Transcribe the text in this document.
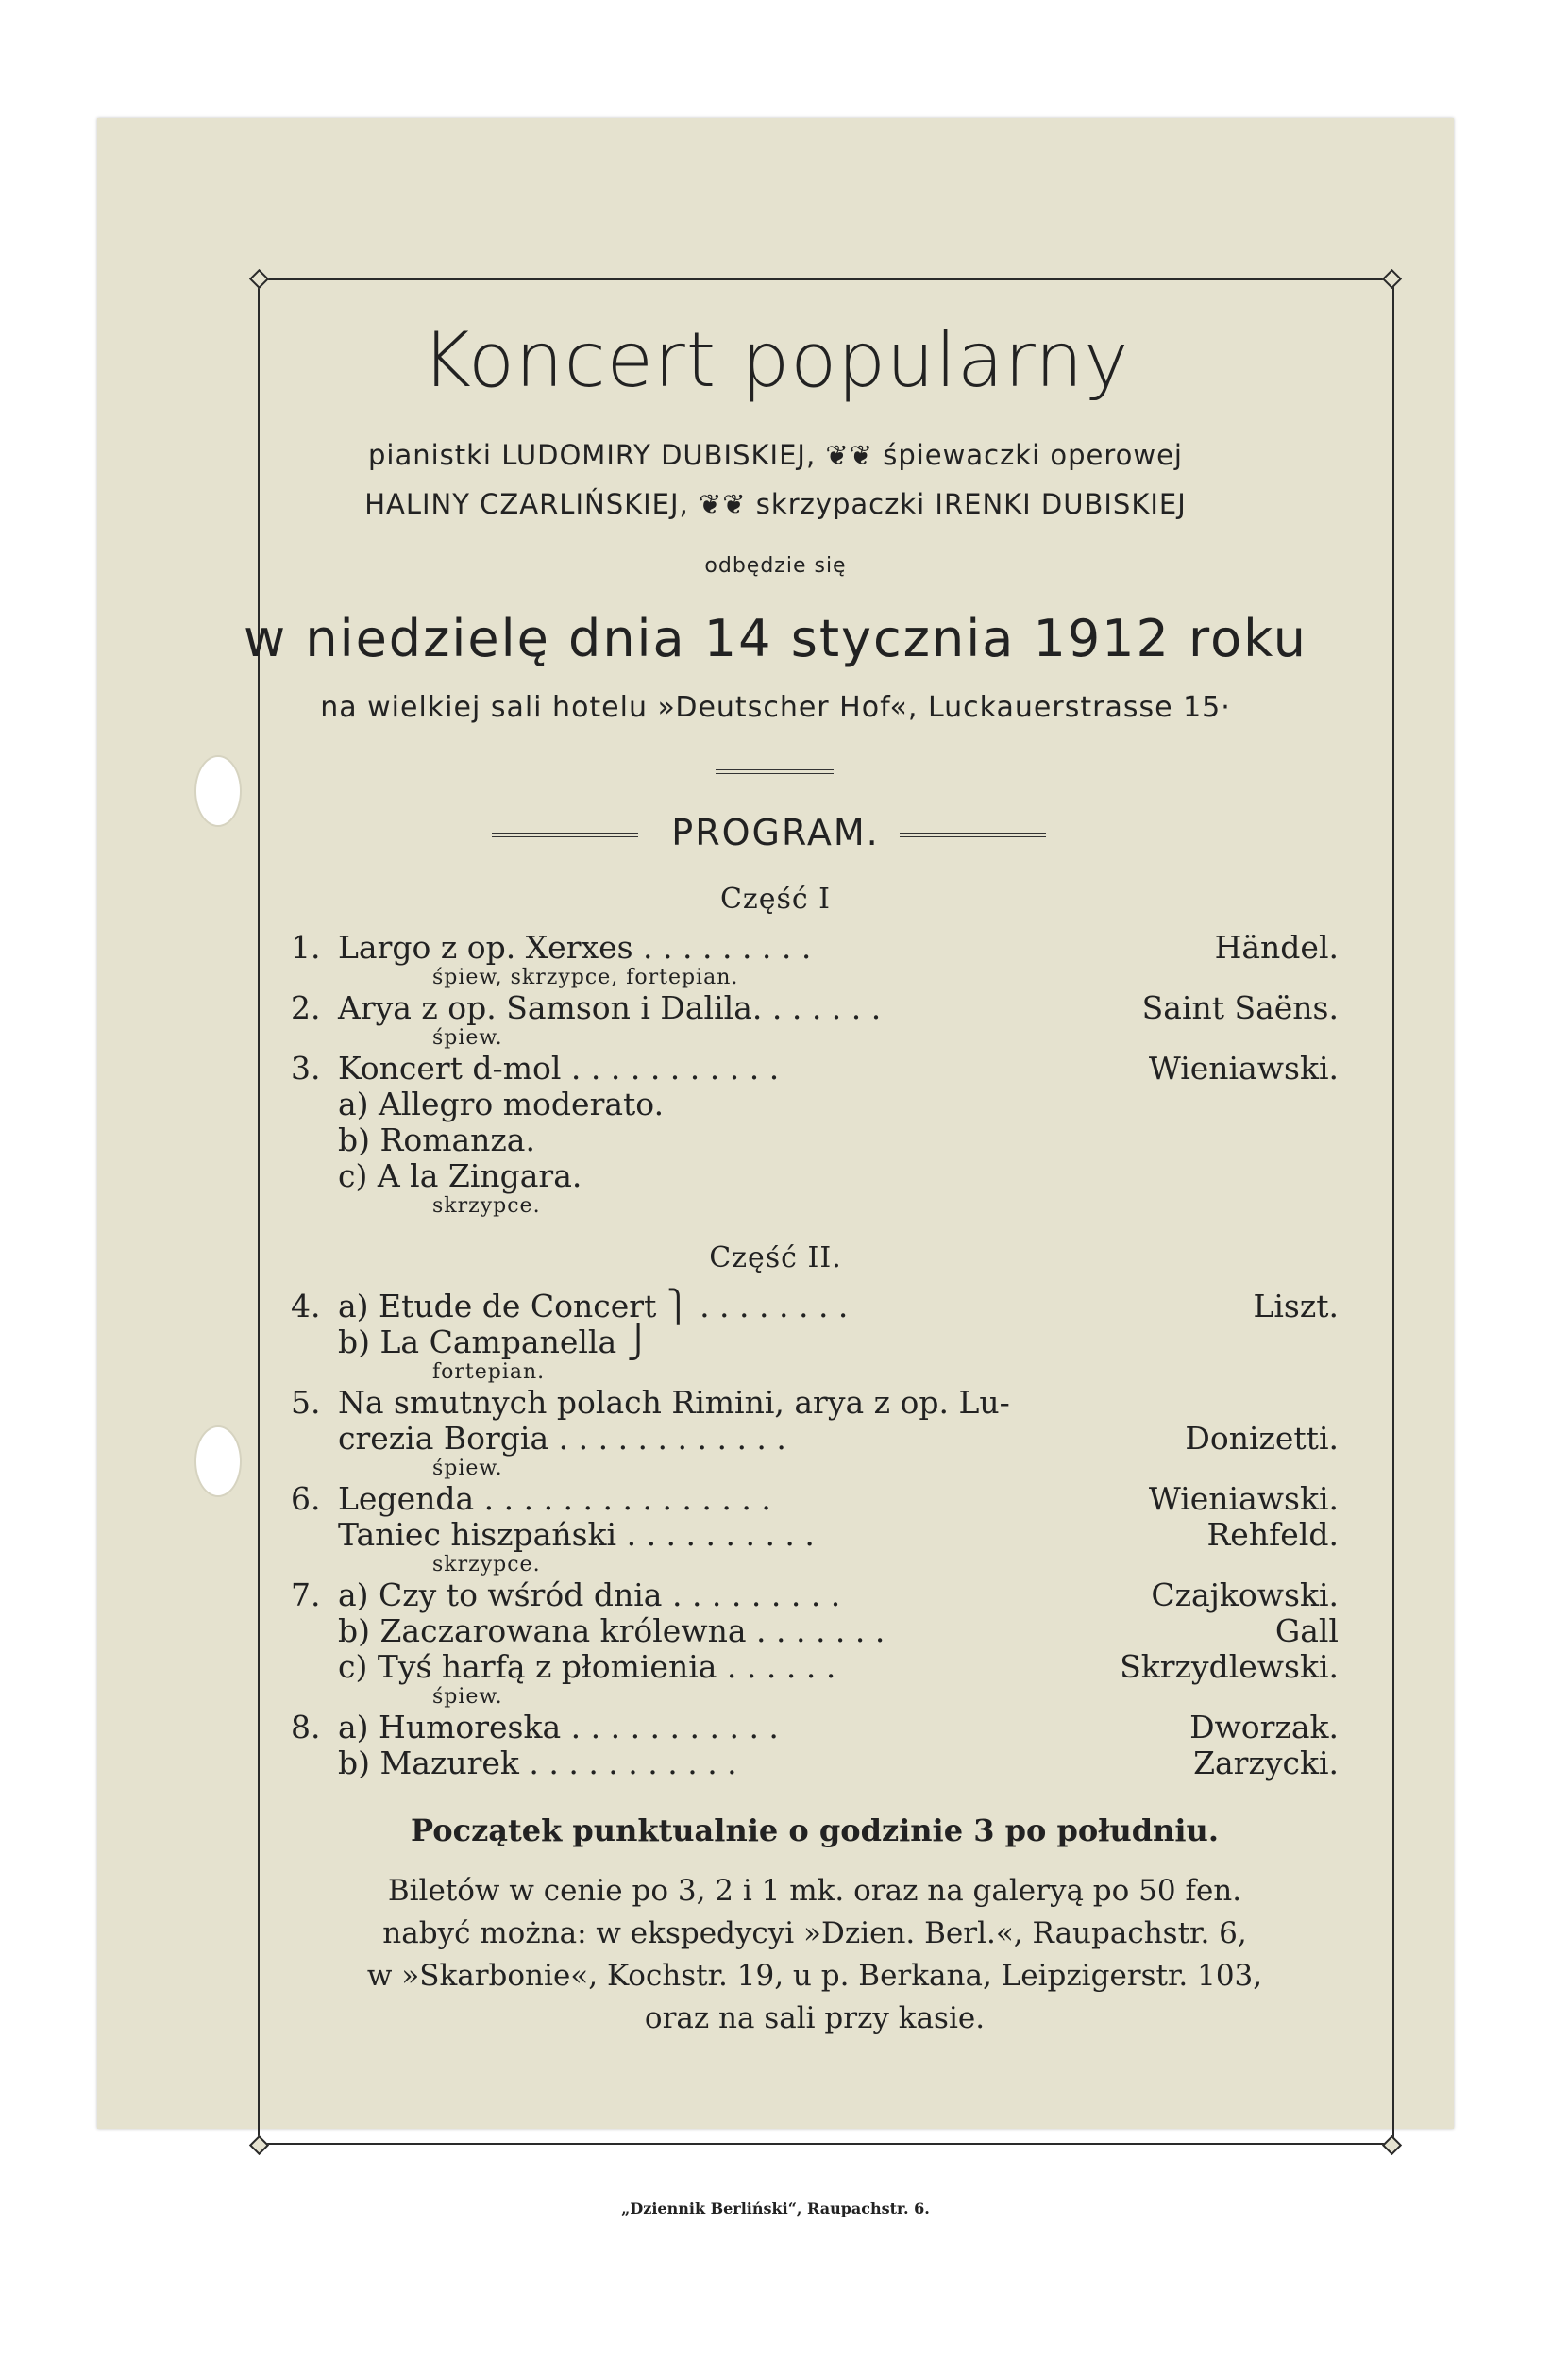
Koncert popularny
pianistki LUDOMIRY DUBISKIEJ, ❦❦ śpiewaczki operowej
HALINY CZARLIŃSKIEJ, ❦❦ skrzypaczki IRENKI DUBISKIEJ
odbędzie się
w niedzielę dnia 14 stycznia 1912 roku
na wielkiej sali hotelu »Deutscher Hof«, Luckauerstrasse 15·
PROGRAM.
Część I
1. Largo z op. Xerxes . . . . . . . . .	Händel.
śpiew, skrzypce, fortepian.
2. Arya z op. Samson i Dalila. . . . . . .	Saint Saëns.
śpiew.
3. Koncert d-mol . . . . . . . . . . .	Wieniawski.
a) Allegro moderato.
b) Romanza.
c) A la Zingara.
skrzypce.
Część II.
4. a) Etude de Concert ⎫ . . . . . . . .	Liszt.
b) La Campanella ⎭
fortepian.
5. Na smutnych polach Rimini, arya z op. Lu-
crezia Borgia . . . . . . . . . . . .	Donizetti.
śpiew.
6. Legenda . . . . . . . . . . . . . . .	Wieniawski.
Taniec hiszpański . . . . . . . . . .	Rehfeld.
skrzypce.
7. a) Czy to wśród dnia . . . . . . . . .	Czajkowski.
b) Zaczarowana królewna . . . . . . .	Gall
c) Tyś harfą z płomienia . . . . . .	Skrzydlewski.
śpiew.
8. a) Humoreska . . . . . . . . . . .	Dworzak.
b) Mazurek . . . . . . . . . . .	Zarzycki.
Początek punktualnie o godzinie 3 po południu.
Biletów w cenie po 3, 2 i 1 mk. oraz na galeryą po 50 fen.
nabyć można: w ekspedycyi »Dzien. Berl.«, Raupachstr. 6,
w »Skarbonie«, Kochstr. 19, u p. Berkana, Leipzigerstr. 103,
oraz na sali przy kasie.
„Dziennik Berliński“, Raupachstr. 6.
